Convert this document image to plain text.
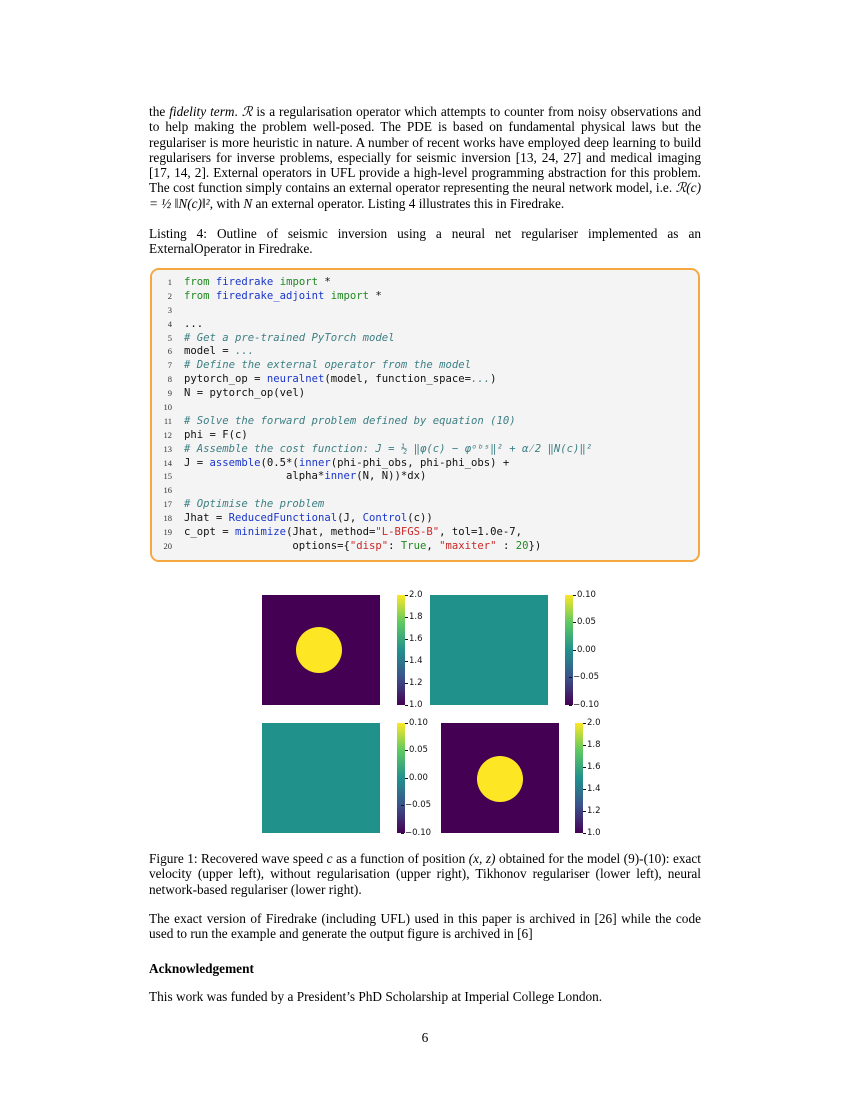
the fidelity term. ℛ is a regularisation operator which attempts to counter from noisy observations and to help making the problem well-posed. The PDE is based on fundamental physical laws but the regulariser is more heuristic in nature. A number of recent works have employed deep learning to build regularisers for inverse problems, especially for seismic inversion [13, 24, 27] and medical imaging [17, 14, 2]. External operators in UFL provide a high-level programming abstraction for this problem. The cost function simply contains an external operator representing the neural network model, i.e. ℛ(c) = ½ ‖N(c)‖², with N an external operator. Listing 4 illustrates this in Firedrake.

Listing 4: Outline of seismic inversion using a neural net regulariser implemented as an ExternalOperator in Firedrake.

1 from firedrake import *
2 from firedrake_adjoint import *
3
4 ...
5 # Get a pre-trained PyTorch model
6 model = ...
7 # Define the external operator from the model
8 pytorch_op = neuralnet(model, function_space=...)
9 N = pytorch_op(vel)
10
11 # Solve the forward problem defined by equation (10)
12 phi = F(c)
13 # Assemble the cost function: J = ½ ‖φ(c) − φᵒᵇˢ‖² + α⁄2 ‖N(c)‖²
14 J = assemble(0.5*(inner(phi-phi_obs, phi-phi_obs) +
15 alpha*inner(N, N))*dx)
16
17 # Optimise the problem
18 Jhat = ReducedFunctional(J, Control(c))
19 c_opt = minimize(Jhat, method="L-BFGS-B", tol=1.0e-7,
20 options={"disp": True, "maxiter" : 20})
2.0
1.8
1.6
1.4
1.2
1.0
0.10
0.05
0.00
−0.05
−0.10
0.10
0.05
0.00
−0.05
−0.10
2.0
1.8
1.6
1.4
1.2
1.0

Figure 1: Recovered wave speed c as a function of position (x, z) obtained for the model (9)-(10): exact velocity (upper left), without regularisation (upper right), Tikhonov regulariser (lower left), neural network-based regulariser (lower right).

The exact version of Firedrake (including UFL) used in this paper is archived in [26] while the code used to run the example and generate the output figure is archived in [6]

Acknowledgement

This work was funded by a President’s PhD Scholarship at Imperial College London.

6
